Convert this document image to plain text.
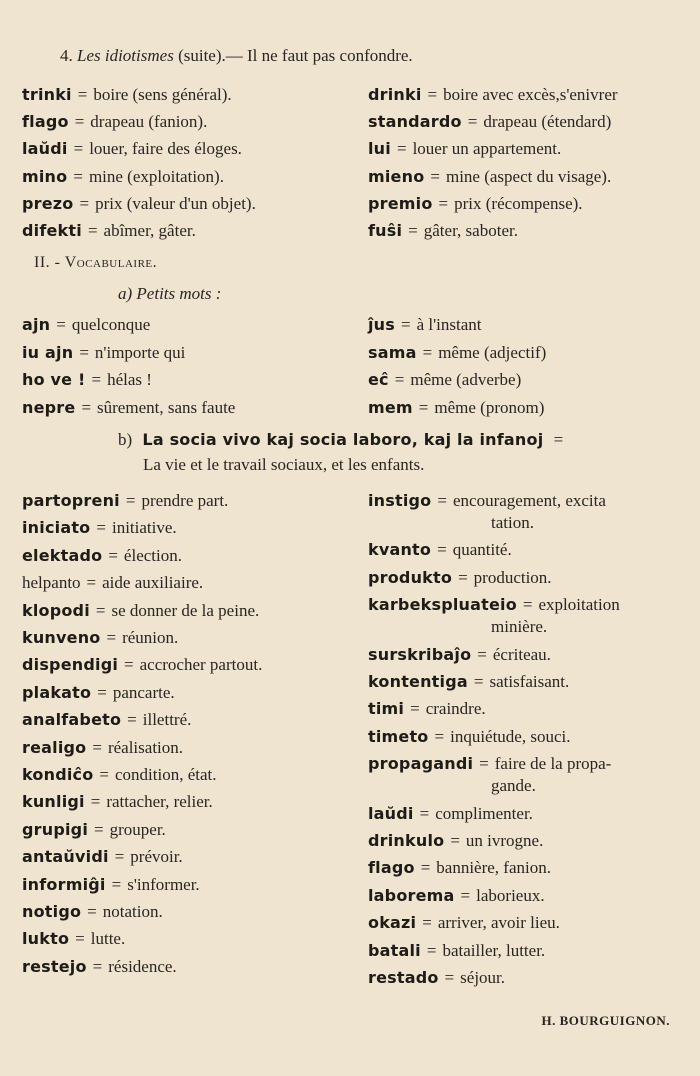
4. Les idiotismes (suite).— Il ne faut pas confondre.
trinki = boire (sens général).
flago = drapeau (fanion).
laŭdi = louer, faire des éloges.
mino = mine (exploitation).
prezo = prix (valeur d'un objet).
difekti = abîmer, gâter.
drinki = boire avec excès,s'enivrer
standardo = drapeau (étendard)
lui = louer un appartement.
mieno = mine (aspect du visage).
premio = prix (récompense).
fuŝi = gâter, saboter.
II. - Vocabulaire.
a) Petits mots :
ajn = quelconque
iu ajn = n'importe qui
ho ve ! = hélas !
nepre = sûrement, sans faute
ĵus = à l'instant
sama = même (adjectif)
eĉ = même (adverbe)
mem = même (pronom)
b) La socia vivo kaj socia laboro, kaj la infanoj =
La vie et le travail sociaux, et les enfants.
partopreni = prendre part.
iniciato = initiative.
elektado = élection.
helpanto = aide auxiliaire.
klopodi = se donner de la peine.
kunveno = réunion.
dispendigi = accrocher partout.
plakato = pancarte.
analfabeto = illettré.
realigo = réalisation.
kondiĉo = condition, état.
kunligi = rattacher, relier.
grupigi = grouper.
antaŭvidi = prévoir.
informiĝi = s'informer.
notigo = notation.
lukto = lutte.
restejo = résidence.
instigo = encouragement, excita
tation.
kvanto = quantité.
produkto = production.
karbekspluateio = exploitation
minière.
surskribaĵo = écriteau.
kontentiga = satisfaisant.
timi = craindre.
timeto = inquiétude, souci.
propagandi = faire de la propa-
gande.
laŭdi = complimenter.
drinkulo = un ivrogne.
flago = bannière, fanion.
laborema = laborieux.
okazi = arriver, avoir lieu.
batali = batailler, lutter.
restado = séjour.
H. BOURGUIGNON.
